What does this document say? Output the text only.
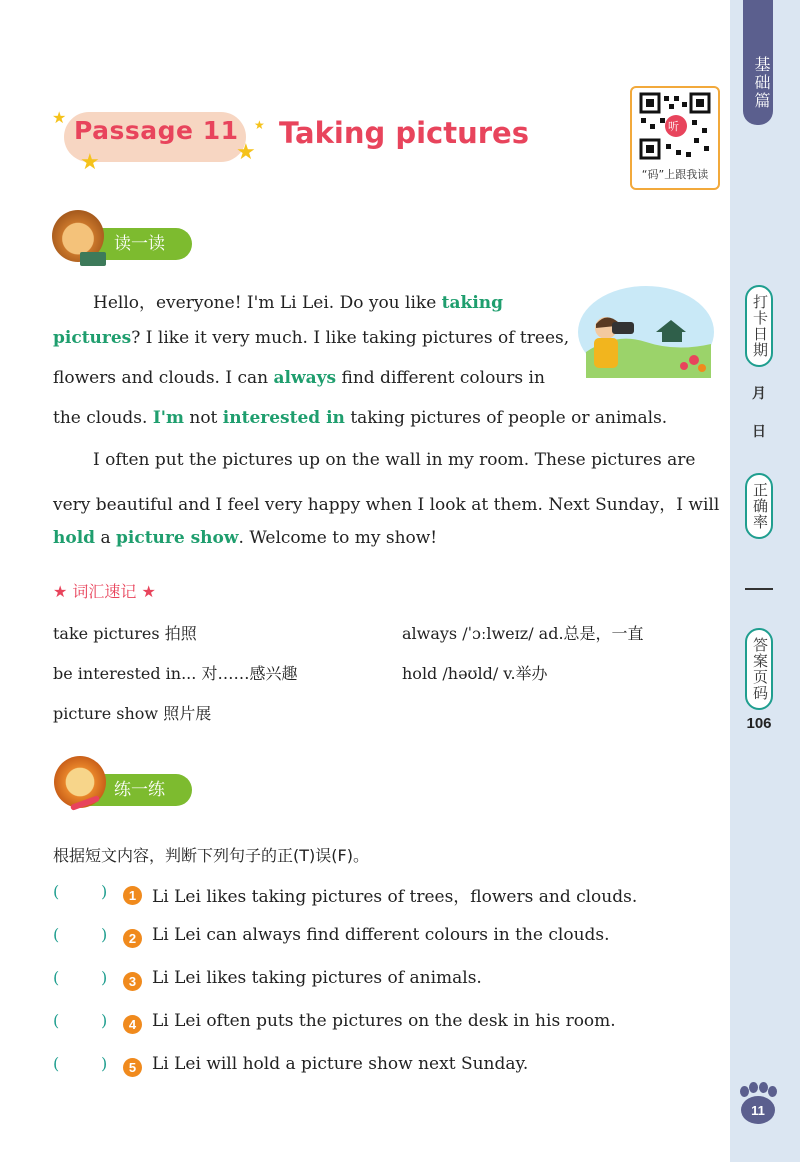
基础篇
打卡日期
月
日
正确率
答案页码
106
11
★
★	★
★
Passage 11 Taking pictures	听
“码”上跟我读
读一读
Hello，everyone! I'm Li Lei. Do you like taking
pictures? I like it very much. I like taking pictures of trees,
flowers and clouds. I can always find different colours in
the clouds. I'm not interested in taking pictures of people or animals.
I often put the pictures up on the wall in my room. These pictures are
very beautiful and I feel very happy when I look at them. Next Sunday，I will
hold a picture show. Welcome to my show!
★ 词汇速记 ★
take pictures 拍照	always /ˈɔːlweɪz/ ad.总是，一直
be interested in... 对……感兴趣	hold /həʊld/ v.举办
picture show 照片展
练一练
根据短文内容，判断下列句子的正(T)误(F)。
(	)	1 Li Lei likes taking pictures of trees，flowers and clouds.
(	)	2 Li Lei can always find different colours in the clouds.
(	)	3 Li Lei likes taking pictures of animals.
(	)	4 Li Lei often puts the pictures on the desk in his room.
(	)	5 Li Lei will hold a picture show next Sunday.
